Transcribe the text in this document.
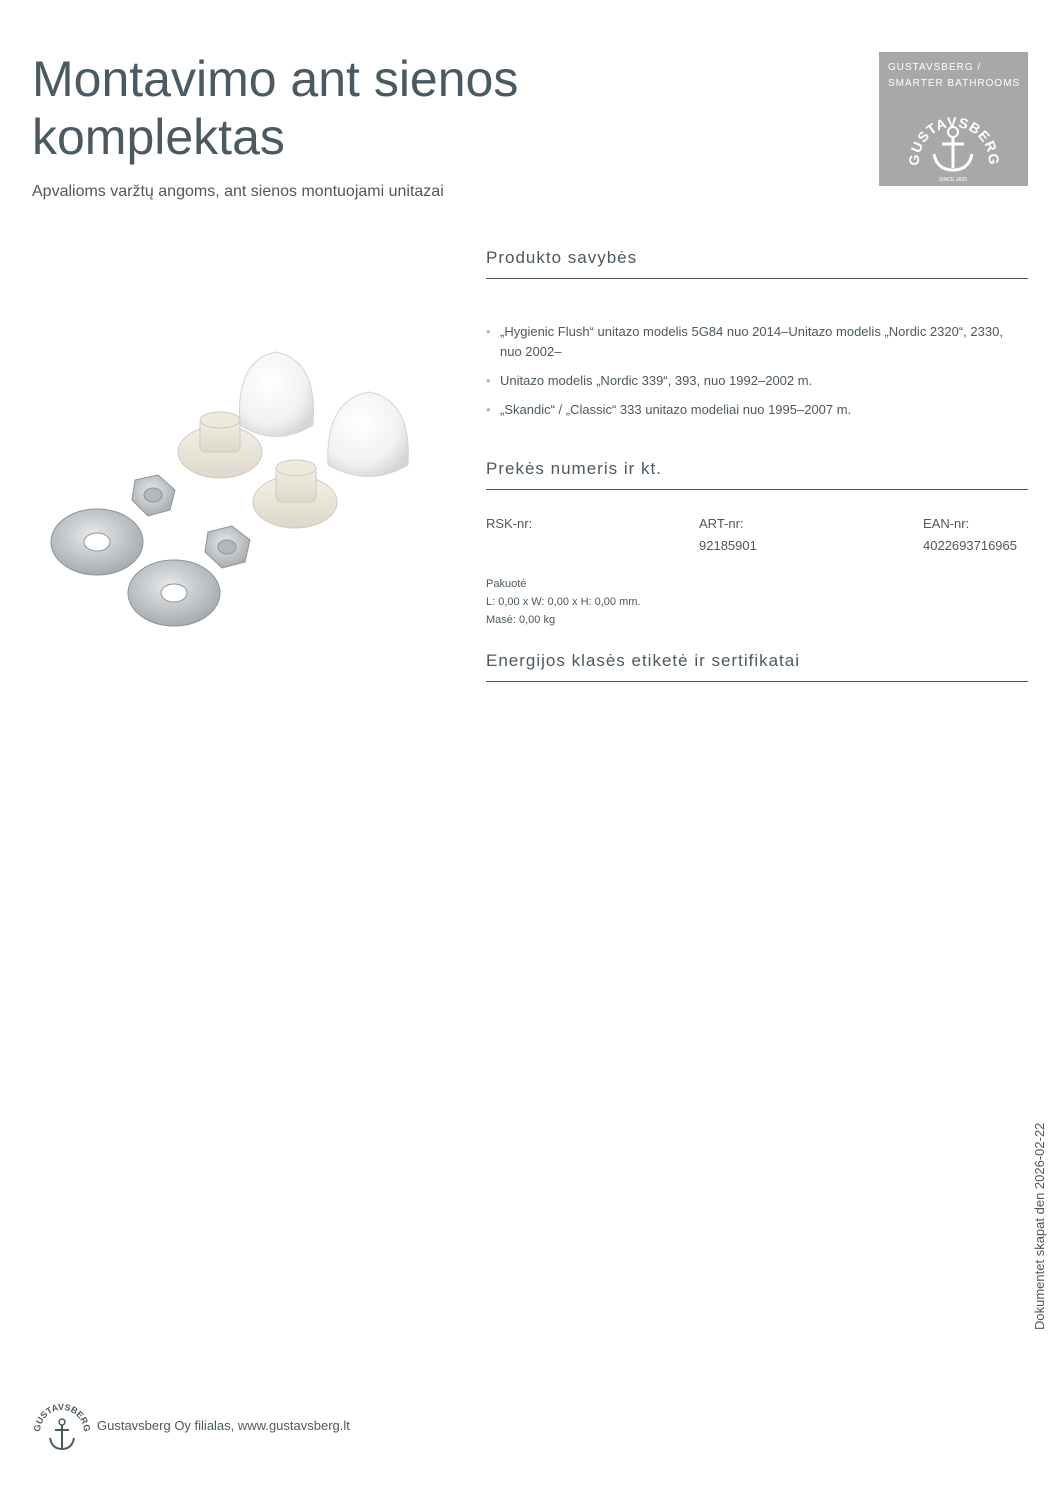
Montavimo ant sienos
komplektas
Apvalioms varžtų angoms, ant sienos montuojami unitazai
GUSTAVSBERG /
SMARTER BATHROOMS
GUSTAVSBERG
SINCE 1825
Produkto savybės
• „Hygienic Flush“ unitazo modelis 5G84 nuo 2014–Unitazo modelis „Nordic 2320“, 2330, nuo 2002–
• Unitazo modelis „Nordic 339“, 393, nuo 1992–2002 m.
• „Skandic“ / „Classic“ 333 unitazo modeliai nuo 1995–2007 m.
Prekės numeris ir kt.
RSK-nr:	ART-nr:
92185901
EAN-nr:
4022693716965
Pakuotė
L: 0,00 x W: 0,00 x H: 0,00 mm.
Masė: 0,00 kg
Energijos klasės etiketė ir sertifikatai
Dokumentet skapat den 2026-02-22
GUSTAVSBERG Gustavsberg Oy filialas, www.gustavsberg.lt
